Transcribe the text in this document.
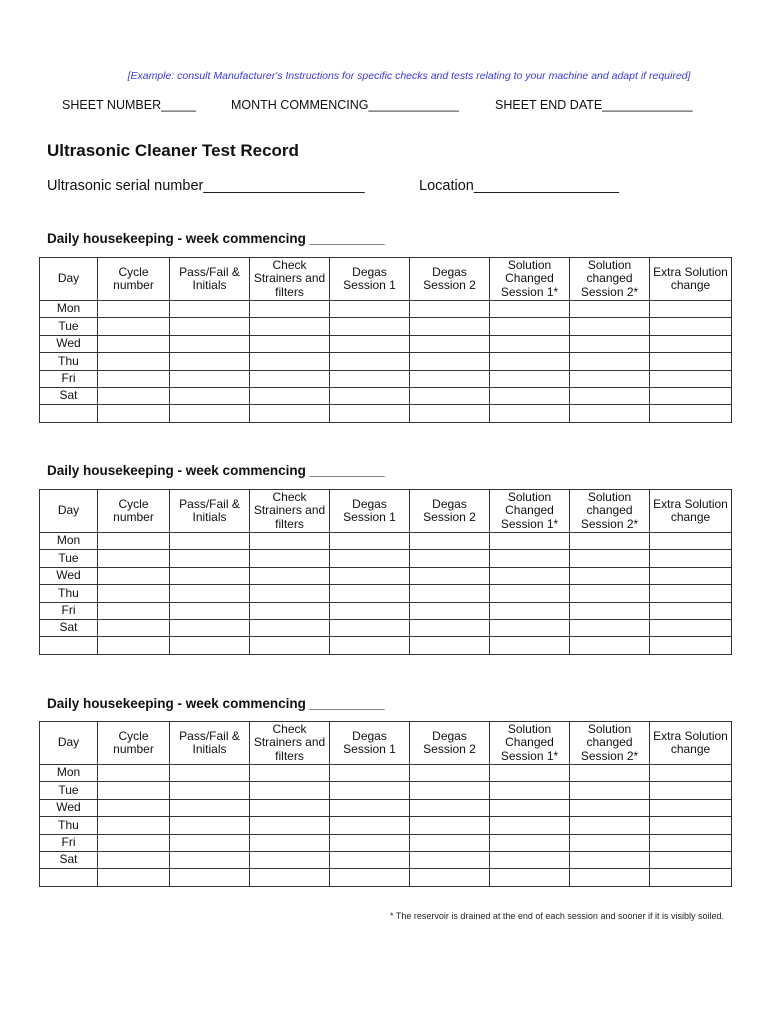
[Example: consult Manufacturer's Instructions for specific checks and tests relating to your machine and adapt if required]
SHEET NUMBER_____	MONTH COMMENCING_____________	SHEET END DATE_____________
Ultrasonic Cleaner Test Record
Ultrasonic serial number____________________	Location__________________
Daily housekeeping - week commencing __________
Day	Cycle number	Pass/Fail & Initials	Check Strainers and filters	Degas Session 1	Degas Session 2	Solution Changed Session 1*	Solution changed Session 2*	Extra Solution change
Mon								
Tue								
Wed								
Thu								
Fri								
Sat								

Daily housekeeping - week commencing __________
Day	Cycle number	Pass/Fail & Initials	Check Strainers and filters	Degas Session 1	Degas Session 2	Solution Changed Session 1*	Solution changed Session 2*	Extra Solution change
Mon								
Tue								
Wed								
Thu								
Fri								
Sat								

Daily housekeeping - week commencing __________
Day	Cycle number	Pass/Fail & Initials	Check Strainers and filters	Degas Session 1	Degas Session 2	Solution Changed Session 1*	Solution changed Session 2*	Extra Solution change
Mon								
Tue								
Wed								
Thu								
Fri								
Sat								

* The reservoir is drained at the end of each session and sooner if it is visibly soiled.
